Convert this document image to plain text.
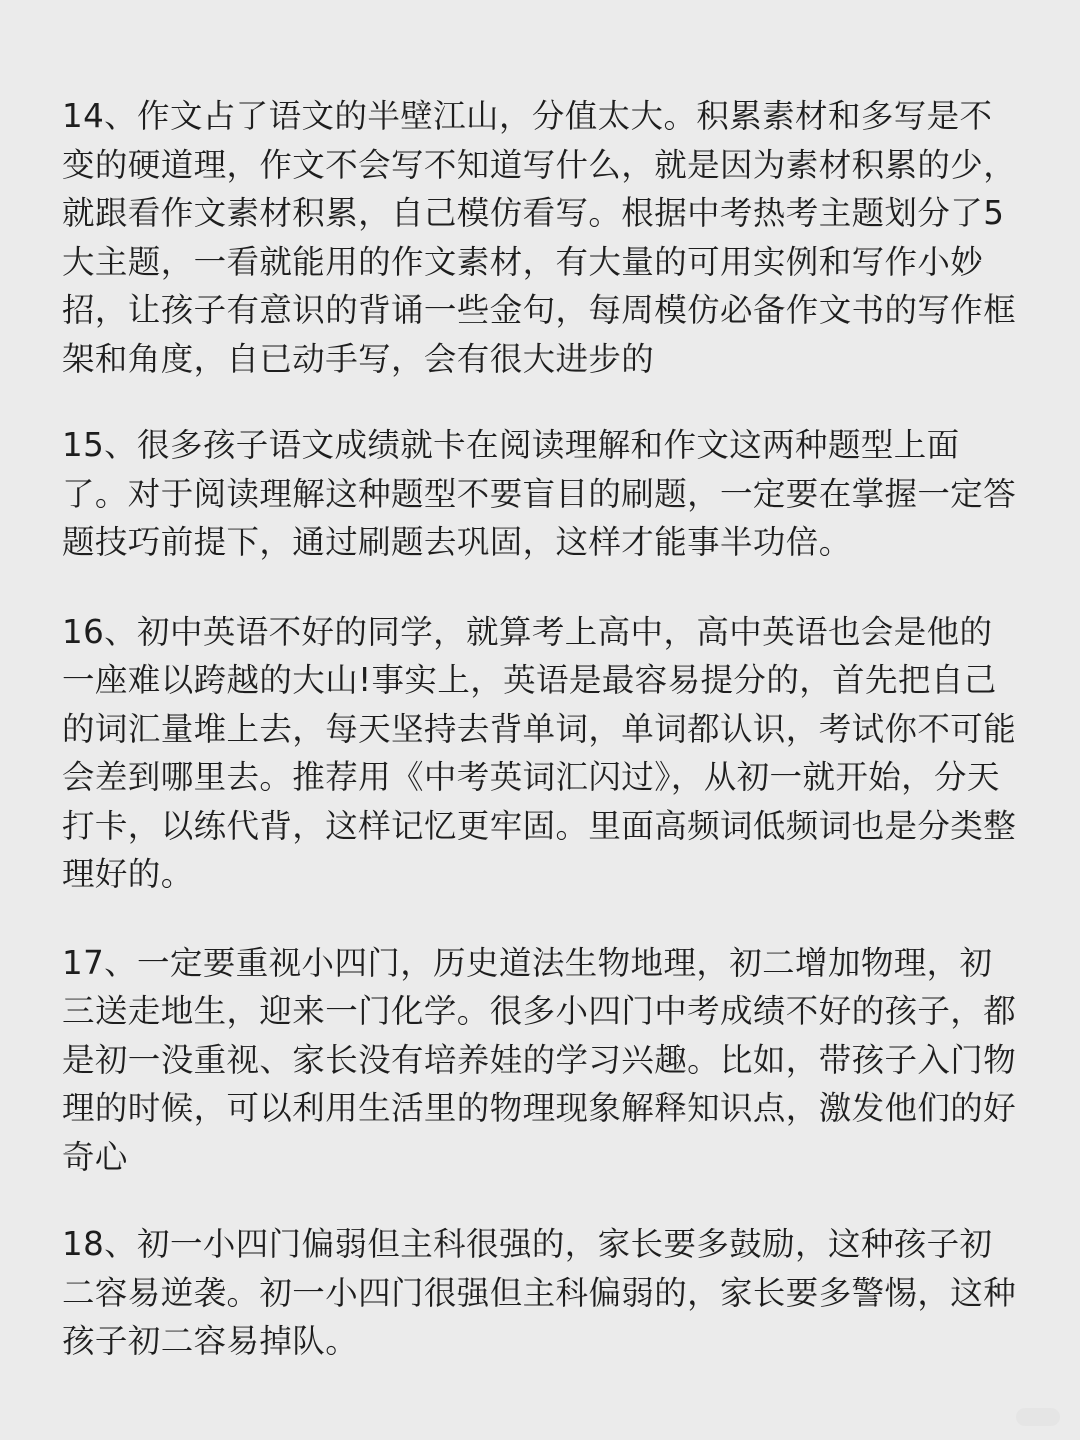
14、作文占了语文的半壁江山，分值太大。积累素材和多写是不变的硬道理，作文不会写不知道写什么，就是因为素材积累的少，就跟看作文素材积累，自己模仿看写。根据中考热考主题划分了5大主题，一看就能用的作文素材，有大量的可用实例和写作小妙招，让孩子有意识的背诵一些金句，每周模仿必备作文书的写作框架和角度，自已动手写，会有很大进步的

15、很多孩子语文成绩就卡在阅读理解和作文这两种题型上面了。对于阅读理解这种题型不要盲目的刷题，一定要在掌握一定答题技巧前提下，通过刷题去巩固，这样才能事半功倍。

16、初中英语不好的同学，就算考上高中，高中英语也会是他的一座难以跨越的大山!事实上，英语是最容易提分的，首先把自己的词汇量堆上去，每天坚持去背单词，单词都认识，考试你不可能会差到哪里去。推荐用《中考英词汇闪过》，从初一就开始，分天打卡，以练代背，这样记忆更牢固。里面高频词低频词也是分类整理好的。

17、一定要重视小四门，历史道法生物地理，初二增加物理，初三送走地生，迎来一门化学。很多小四门中考成绩不好的孩子，都是初一没重视、家长没有培养娃的学习兴趣。比如，带孩子入门物理的时候，可以利用生活里的物理现象解释知识点，激发他们的好奇心

18、初一小四门偏弱但主科很强的，家长要多鼓励，这种孩子初二容易逆袭。初一小四门很强但主科偏弱的，家长要多警惕，这种孩子初二容易掉队。
